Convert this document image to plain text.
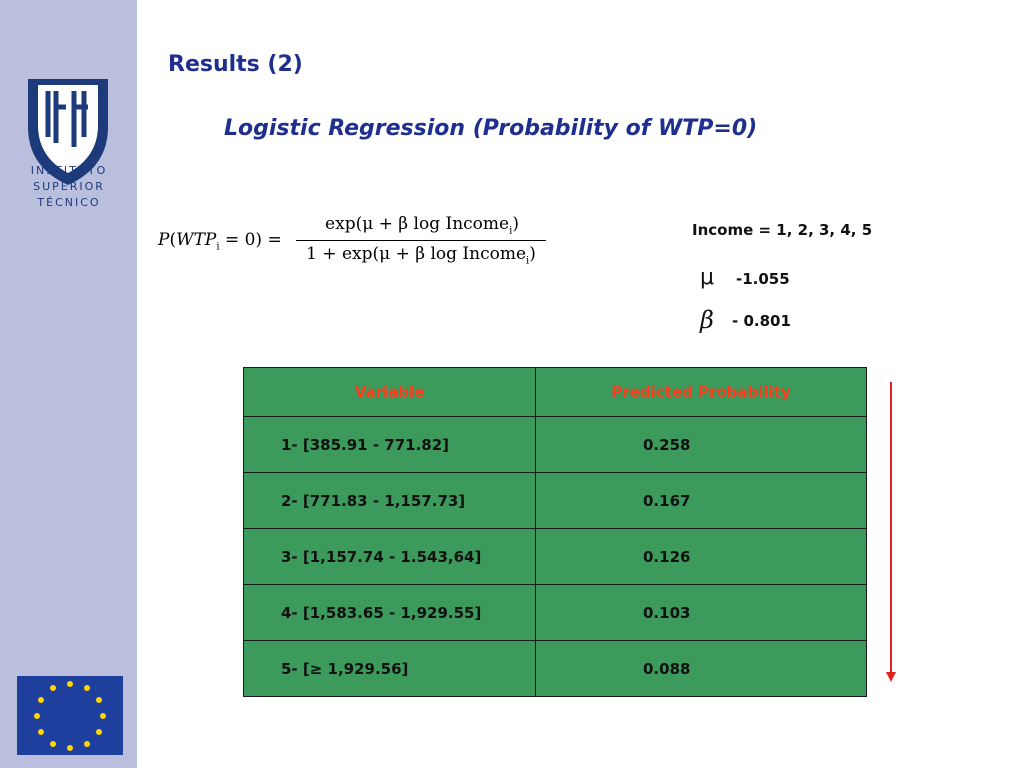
INSTITUTO
SUPERIOR
TÉCNICO
Results (2)
Logistic Regression (Probability of WTP=0)
$P(WTP_i = 0)$ =
exp(μ + β log Income$_i$)
1 + exp(μ + β log Income$_i$)
Income = 1, 2, 3, 4, 5
μ -1.055
β - 0.801
Variable	Predicted Probability
1- [385.91 - 771.82]	0.258
2- [771.83 - 1,157.73]	0.167
3- [1,157.74 - 1.543,64]	0.126
4- [1,583.65 - 1,929.55]	0.103
5- [≥ 1,929.56]	0.088
